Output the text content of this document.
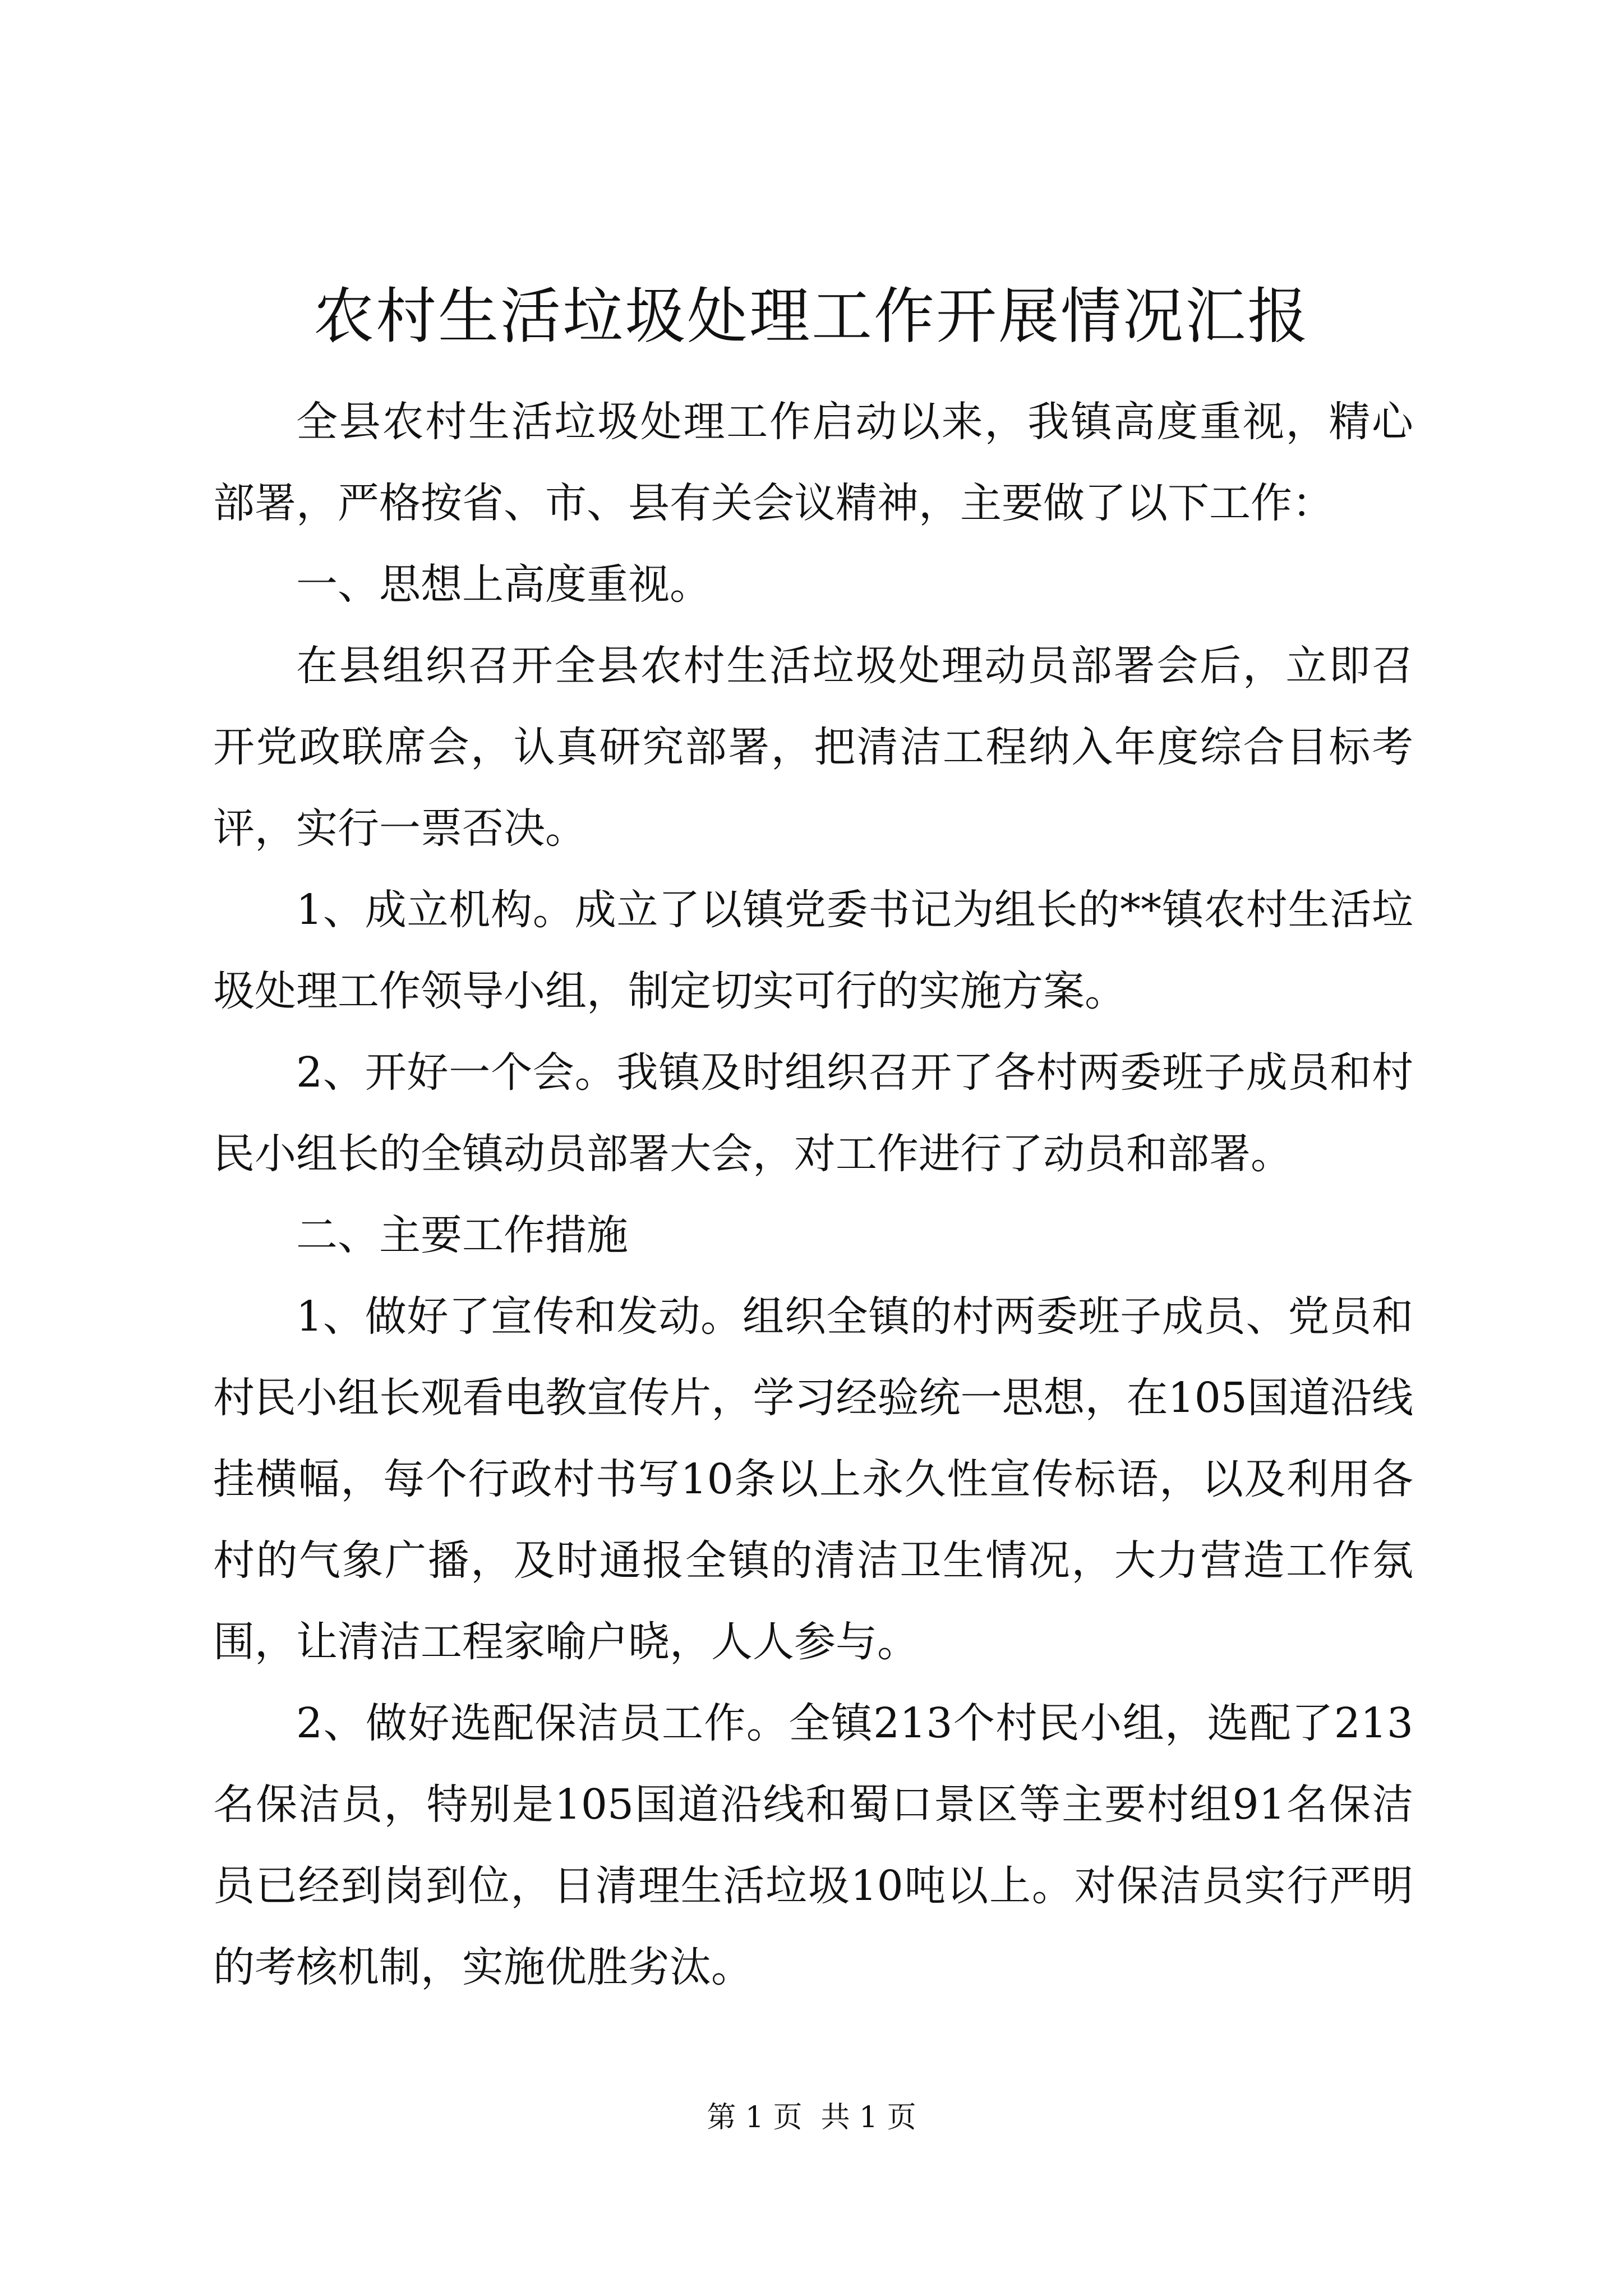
农村生活垃圾处理工作开展情况汇报

全县农村生活垃圾处理工作启动以来，我镇高度重视，精心部署，严格按省、市、县有关会议精神，主要做了以下工作：

一、思想上高度重视。

在县组织召开全县农村生活垃圾处理动员部署会后，立即召开党政联席会，认真研究部署，把清洁工程纳入年度综合目标考评，实行一票否决。

1、成立机构。成立了以镇党委书记为组长的**镇农村生活垃圾处理工作领导小组，制定切实可行的实施方案。

2、开好一个会。我镇及时组织召开了各村两委班子成员和村民小组长的全镇动员部署大会，对工作进行了动员和部署。

二、主要工作措施

1、做好了宣传和发动。组织全镇的村两委班子成员、党员和村民小组长观看电教宣传片，学习经验统一思想，在105国道沿线挂横幅，每个行政村书写10条以上永久性宣传标语，以及利用各村的气象广播，及时通报全镇的清洁卫生情况，大力营造工作氛围，让清洁工程家喻户晓，人人参与。

2、做好选配保洁员工作。全镇213个村民小组，选配了213名保洁员，特别是105国道沿线和蜀口景区等主要村组91名保洁员已经到岗到位，日清理生活垃圾10吨以上。对保洁员实行严明的考核机制，实施优胜劣汰。

第 1 页  共 1 页
